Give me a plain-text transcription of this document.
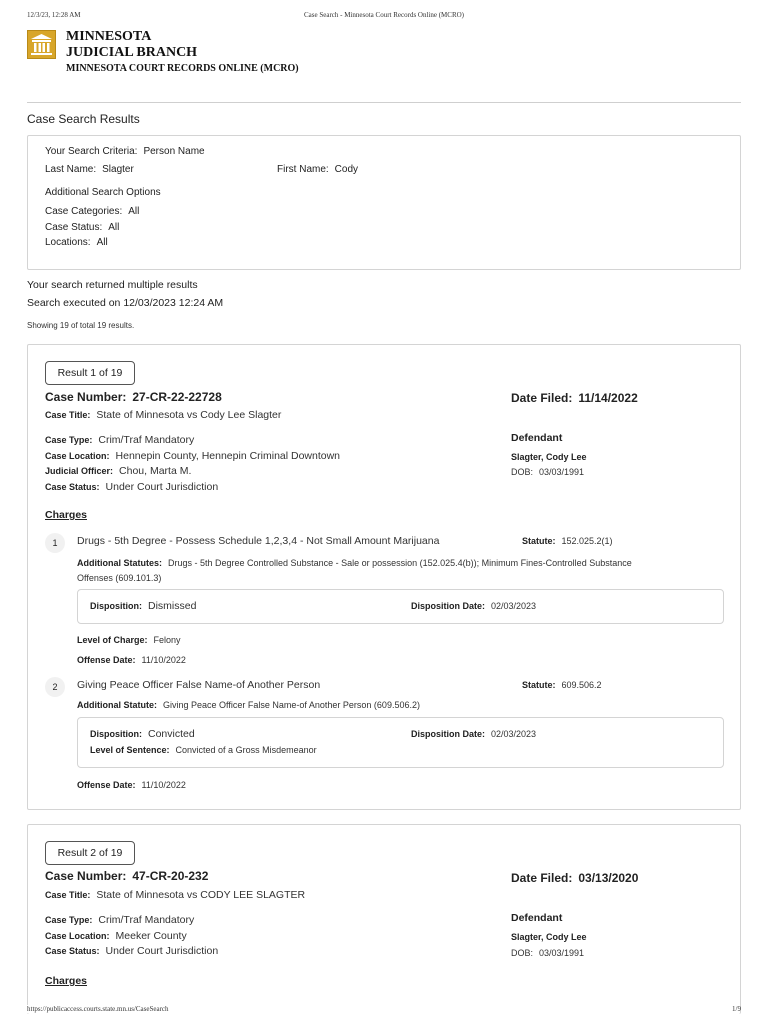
12/3/23, 12:28 AM	Case Search - Minnesota Court Records Online (MCRO)
MINNESOTA
JUDICIAL BRANCH
MINNESOTA COURT RECORDS ONLINE (MCRO)
Case Search Results
Your Search Criteria: Person Name
Last Name: Slagter	First Name: Cody
Additional Search Options
Case Categories: All
Case Status: All
Locations: All
Your search returned multiple results
Search executed on 12/03/2023 12:24 AM
Showing 19 of total 19 results.
Result 1 of 19
Case Number: 27-CR-22-22728	Date Filed: 11/14/2022
Case Title: State of Minnesota vs Cody Lee Slagter
Case Type: Crim/Traf Mandatory
Case Location: Hennepin County, Hennepin Criminal Downtown
Judicial Officer: Chou, Marta M.
Case Status: Under Court Jurisdiction
Defendant
Slagter, Cody Lee
DOB: 03/03/1991
Charges
1	Drugs - 5th Degree - Possess Schedule 1,2,3,4 - Not Small Amount Marijuana	Statute: 152.025.2(1)
Additional Statutes: Drugs - 5th Degree Controlled Substance - Sale or possession (152.025.4(b)); Minimum Fines-Controlled Substance
Offenses (609.101.3)
Disposition: Dismissed	Disposition Date: 02/03/2023
Level of Charge: Felony
Offense Date: 11/10/2022
2	Giving Peace Officer False Name-of Another Person	Statute: 609.506.2
Additional Statute: Giving Peace Officer False Name-of Another Person (609.506.2)
Disposition: Convicted	Disposition Date: 02/03/2023
Level of Sentence: Convicted of a Gross Misdemeanor
Offense Date: 11/10/2022
Result 2 of 19
Case Number: 47-CR-20-232	Date Filed: 03/13/2020
Case Title: State of Minnesota vs CODY LEE SLAGTER
Case Type: Crim/Traf Mandatory
Case Location: Meeker County
Case Status: Under Court Jurisdiction
Defendant
Slagter, Cody Lee
DOB: 03/03/1991
Charges
https://publicaccess.courts.state.mn.us/CaseSearch	1/9
